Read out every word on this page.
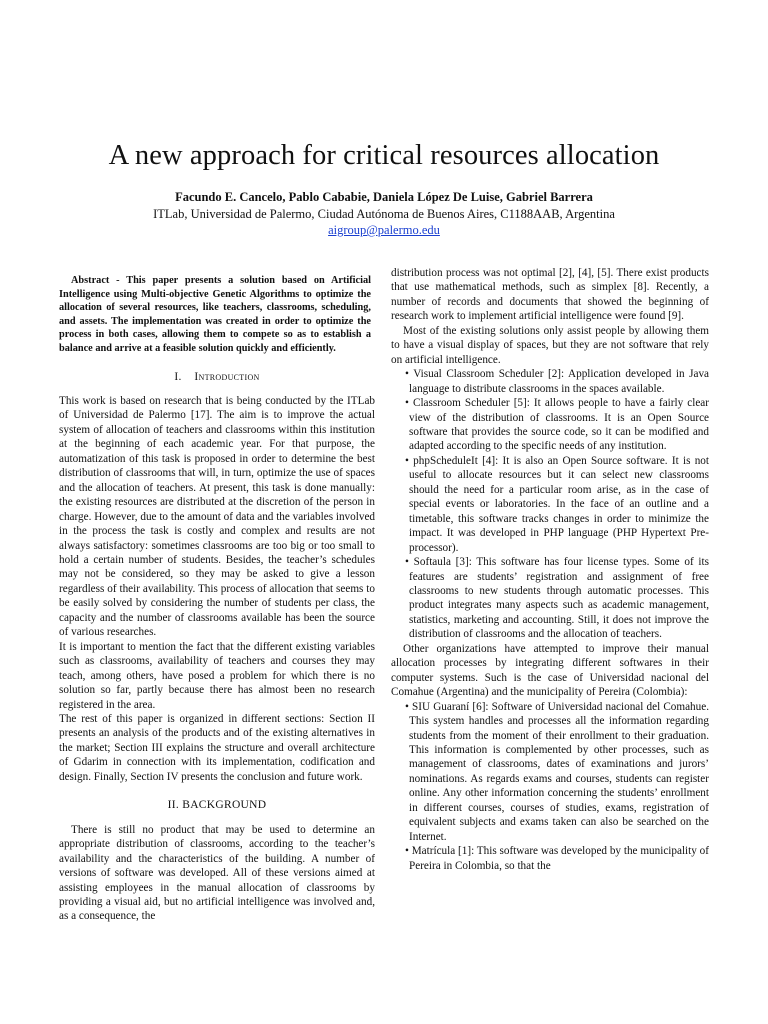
A new approach for critical resources allocation

Facundo E. Cancelo, Pablo Cababie, Daniela López De Luise, Gabriel Barrera

ITLab, Universidad de Palermo, Ciudad Autónoma de Buenos Aires, C1188AAB, Argentina

aigroup@palermo.edu

Abstract - This paper presents a solution based on Artificial Intelligence using Multi-objective Genetic Algorithms to optimize the allocation of several resources, like teachers, classrooms, scheduling, and assets. The implementation was created in order to optimize the process in both cases, allowing them to compete so as to establish a balance and arrive at a feasible solution quickly and efficiently.

I. Introduction

This work is based on research that is being conducted by the ITLab of Universidad de Palermo [17]. The aim is to improve the actual system of allocation of teachers and classrooms within this institution at the beginning of each academic year. For that purpose, the automatization of this task is proposed in order to determine the best distribution of classrooms that will, in turn, optimize the use of spaces and the allocation of teachers. At present, this task is done manually: the existing resources are distributed at the discretion of the person in charge. However, due to the amount of data and the variables involved in the process the task is costly and complex and results are not always satisfactory: sometimes classrooms are too big or too small to hold a certain number of students. Besides, the teacher’s schedules may not be considered, so they may be asked to give a lesson regardless of their availability. This process of allocation that seems to be easily solved by considering the number of students per class, the capacity and the number of classrooms available has been the source of various researches.

It is important to mention the fact that the different existing variables such as classrooms, availability of teachers and courses they may teach, among others, have posed a problem for which there is no solution so far, partly because there has almost been no research registered in the area.

The rest of this paper is organized in different sections: Section II presents an analysis of the products and of the existing alternatives in the market; Section III explains the structure and overall architecture of Gdarim in connection with its implementation, codification and design. Finally, Section IV presents the conclusion and future work.

II. BACKGROUND

There is still no product that may be used to determine an appropriate distribution of classrooms, according to the teacher’s availability and the characteristics of the building. A number of versions of software was developed. All of these versions aimed at assisting employees in the manual allocation of classrooms by providing a visual aid, but no artificial intelligence was involved and, as a consequence, the

distribution process was not optimal [2], [4], [5]. There exist products that use mathematical methods, such as simplex [8]. Recently, a number of records and documents that showed the beginning of research work to implement artificial intelligence were found [9].

Most of the existing solutions only assist people by allowing them to have a visual display of spaces, but they are not software that rely on artificial intelligence.

• Visual Classroom Scheduler [2]: Application developed in Java language to distribute classrooms in the spaces available.

• Classroom Scheduler [5]: It allows people to have a fairly clear view of the distribution of classrooms. It is an Open Source software that provides the source code, so it can be modified and adapted according to the specific needs of any institution.

• phpScheduleIt [4]: It is also an Open Source software. It is not useful to allocate resources but it can select new classrooms should the need for a particular room arise, as in the case of special events or laboratories. In the face of an outline and a timetable, this software tracks changes in order to minimize the impact. It was developed in PHP language (PHP Hypertext Pre-processor).

• Softaula [3]: This software has four license types. Some of its features are students’ registration and assignment of free classrooms to new students through automatic processes. This product integrates many aspects such as academic management, statistics, marketing and accounting. Still, it does not improve the distribution of classrooms and the allocation of teachers.

Other organizations have attempted to improve their manual allocation processes by integrating different softwares in their computer systems. Such is the case of Universidad nacional del Comahue (Argentina) and the municipality of Pereira (Colombia):

• SIU Guaraní [6]: Software of Universidad nacional del Comahue. This system handles and processes all the information regarding students from the moment of their enrollment to their graduation. This information is complemented by other processes, such as management of classrooms, dates of examinations and jurors’ nominations. As regards exams and courses, students can register online. Any other information concerning the students’ enrollment in different courses, courses of studies, exams, registration of equivalent subjects and exams taken can also be searched on the Internet.

• Matrícula [1]: This software was developed by the municipality of Pereira in Colombia, so that the
